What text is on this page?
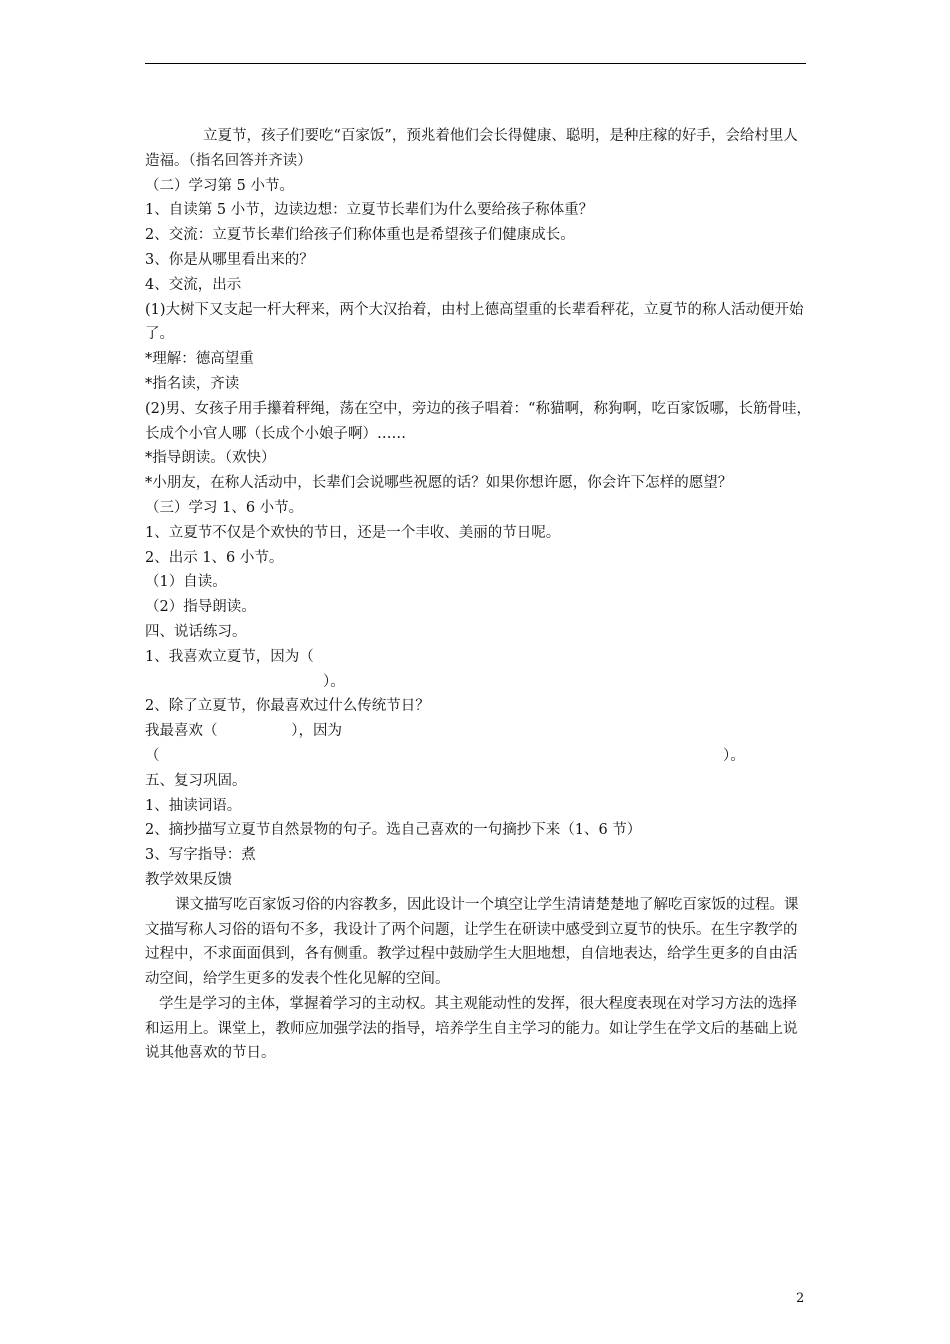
立夏节，孩子们要吃“百家饭”，预兆着他们会长得健康、聪明，是种庄稼的好手，会给村里人造福。（指名回答并齐读）
（二）学习第 5 小节。
1、自读第 5 小节，边读边想：立夏节长辈们为什么要给孩子称体重？
2、交流：立夏节长辈们给孩子们称体重也是希望孩子们健康成长。
3、你是从哪里看出来的？
4、交流，出示
(1)大树下又支起一杆大秤来，两个大汉抬着，由村上德高望重的长辈看秤花，立夏节的称人活动便开始了。
*理解：德高望重
*指名读，齐读
(2)男、女孩子用手攥着秤绳，荡在空中，旁边的孩子唱着：“称猫啊，称狗啊，吃百家饭哪，长筋骨哇，长成个小官人哪（长成个小娘子啊）……
*指导朗读。（欢快）
*小朋友，在称人活动中，长辈们会说哪些祝愿的话？如果你想许愿，你会许下怎样的愿望？
（三）学习 1、6 小节。
1、立夏节不仅是个欢快的节日，还是一个丰收、美丽的节日呢。
2、出示 1、6 小节。
（1）自读。
（2）指导朗读。
四、说话练习。
1、我喜欢立夏节，因为（
）。
2、除了立夏节，你最喜欢过什么传统节日？
我最喜欢（                ），因为
（	）。
五、复习巩固。
1、抽读词语。
2、摘抄描写立夏节自然景物的句子。选自己喜欢的一句摘抄下来（1、6 节）
3、写字指导：煮
教学效果反馈
课文描写吃百家饭习俗的内容教多，因此设计一个填空让学生清请楚楚地了解吃百家饭的过程。课文描写称人习俗的语句不多，我设计了两个问题，让学生在研读中感受到立夏节的快乐。在生字教学的过程中，不求面面俱到，各有侧重。教学过程中鼓励学生大胆地想，自信地表达，给学生更多的自由活动空间，给学生更多的发表个性化见解的空间。
学生是学习的主体，掌握着学习的主动权。其主观能动性的发挥，很大程度表现在对学习方法的选择和运用上。课堂上，教师应加强学法的指导，培养学生自主学习的能力。如让学生在学文后的基础上说说其他喜欢的节日。
2
